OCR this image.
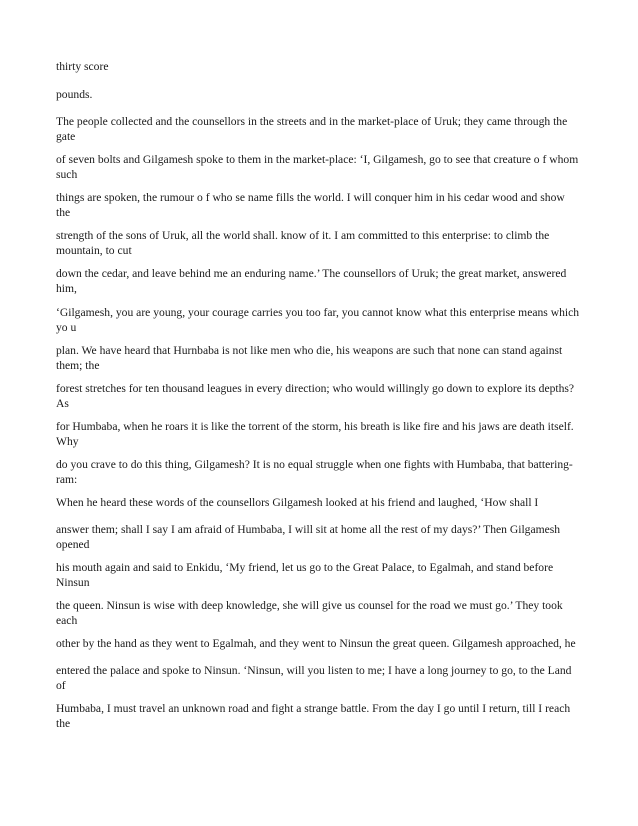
thirty score

pounds.

The people collected and the counsellors in the streets and in the market-place of Uruk; they came through the
gate

of seven bolts and Gilgamesh spoke to them in the market-place: ‘I, Gilgamesh, go to see that creature o f whom
such

things are spoken, the rumour o f who se name fills the world. I will conquer him in his cedar wood and show
the

strength of the sons of Uruk, all the world shall. know of it. I am committed to this enterprise: to climb the
mountain, to cut

down the cedar, and leave behind me an enduring name.’ The counsellors of Uruk; the great market, answered
him,

‘Gilgamesh, you are young, your courage carries you too far, you cannot know what this enterprise means which
yo u

plan. We have heard that Hurnbaba is not like men who die, his weapons are such that none can stand against
them; the

forest stretches for ten thousand leagues in every direction; who would willingly go down to explore its depths?
As

for Humbaba, when he roars it is like the torrent of the storm, his breath is like fire and his jaws are death itself.
Why

do you crave to do this thing, Gilgamesh? It is no equal struggle when one fights with Humbaba, that battering-
ram:

When he heard these words of the counsellors Gilgamesh looked at his friend and laughed, ‘How shall I

answer them; shall I say I am afraid of Humbaba, I will sit at home all the rest of my days?’ Then Gilgamesh
opened

his mouth again and said to Enkidu, ‘My friend, let us go to the Great Palace, to Egalmah, and stand before
Ninsun

the queen. Ninsun is wise with deep knowledge, she will give us counsel for the road we must go.’ They took
each

other by the hand as they went to Egalmah, and they went to Ninsun the great queen. Gilgamesh approached, he

entered the palace and spoke to Ninsun. ‘Ninsun, will you listen to me; I have a long journey to go, to the Land
of

Humbaba, I must travel an unknown road and fight a strange battle. From the day I go until I return, till I reach
the
